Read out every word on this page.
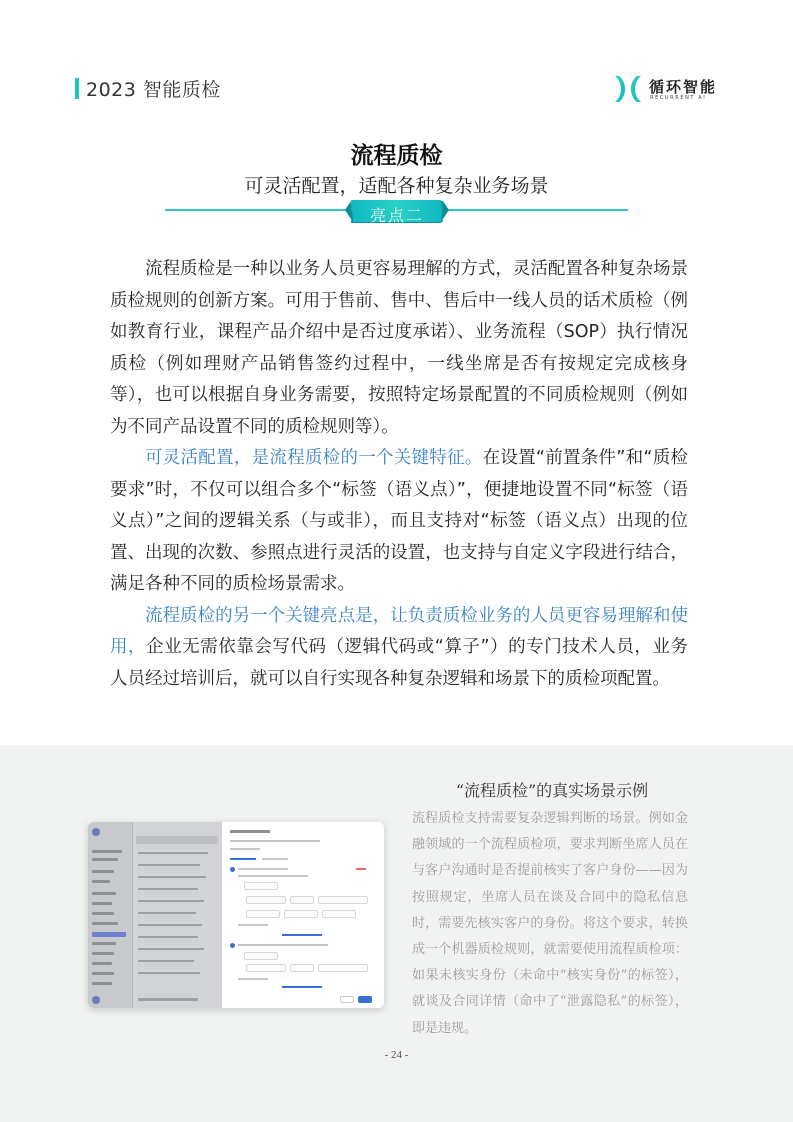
2023 智能质检	循环智能
RECURRENT AI
流程质检
可灵活配置，适配各种复杂业务场景
亮点二

流程质检是一种以业务人员更容易理解的方式，灵活配置各种复杂场景质检规则的创新方案。可用于售前、售中、售后中一线人员的话术质检（例如教育行业，课程产品介绍中是否过度承诺）、业务流程（SOP）执行情况质检（例如理财产品销售签约过程中，一线坐席是否有按规定完成核身等），也可以根据自身业务需要，按照特定场景配置的不同质检规则（例如为不同产品设置不同的质检规则等）。

可灵活配置，是流程质检的一个关键特征。在设置“前置条件”和“质检要求”时，不仅可以组合多个“标签（语义点）”，便捷地设置不同“标签（语义点）”之间的逻辑关系（与或非），而且支持对“标签（语义点）出现的位置、出现的次数、参照点进行灵活的设置，也支持与自定义字段进行结合，满足各种不同的质检场景需求。

流程质检的另一个关键亮点是，让负责质检业务的人员更容易理解和使用，企业无需依靠会写代码（逻辑代码或“算子”）的专门技术人员，业务人员经过培训后，就可以自行实现各种复杂逻辑和场景下的质检项配置。

“流程质检”的真实场景示例
流程质检支持需要复杂逻辑判断的场景。例如金融领域的一个流程质检项，要求判断坐席人员在与客户沟通时是否提前核实了客户身份——因为按照规定，坐席人员在谈及合同中的隐私信息时，需要先核实客户的身份。将这个要求，转换成一个机器质检规则，就需要使用流程质检项：如果未核实身份（未命中“核实身份”的标签），就谈及合同详情（命中了“泄露隐私”的标签），即是违规。
- 24 -
